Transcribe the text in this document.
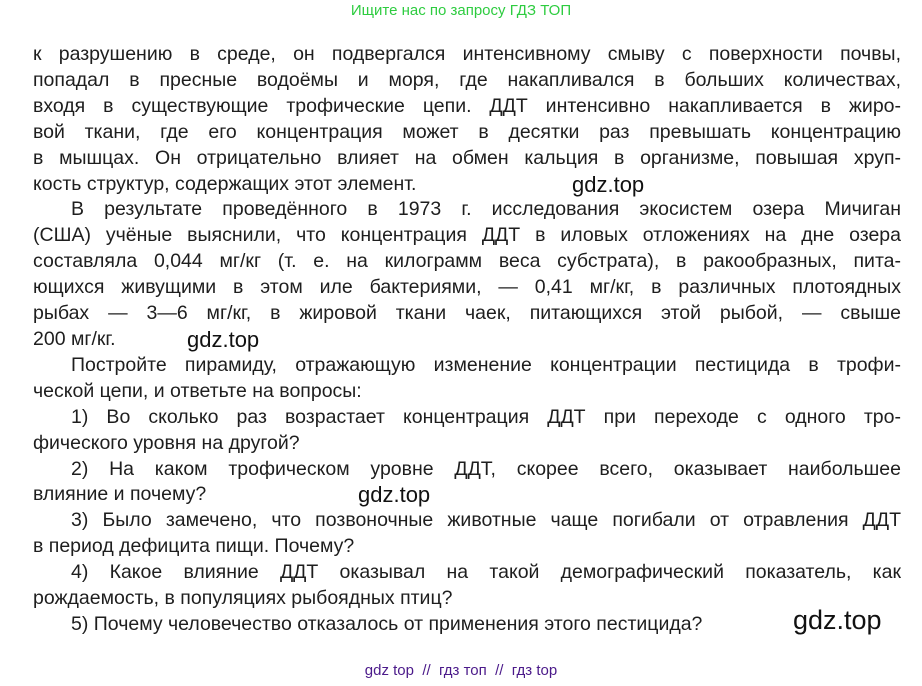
Ищите нас по запросу ГДЗ ТОП
к разрушению в среде, он подвергался интенсивному смыву с поверхности почвы,
попадал в пресные водоёмы и моря, где накапливался в больших количествах,
входя в существующие трофические цепи. ДДТ интенсивно накапливается в жиро-
вой ткани, где его концентрация может в десятки раз превышать концентрацию
в мышцах. Он отрицательно влияет на обмен кальция в организме, повышая хруп-
кость структур, содержащих этот элемент.
В результате проведённого в 1973 г. исследования экосистем озера Мичиган
(США) учёные выяснили, что концентрация ДДТ в иловых отложениях на дне озера
составляла 0,044 мг/кг (т. е. на килограмм веса субстрата), в ракообразных, пита-
ющихся живущими в этом иле бактериями, — 0,41 мг/кг, в различных плотоядных
рыбах — 3—6 мг/кг, в жировой ткани чаек, питающихся этой рыбой, — свыше
200 мг/кг.
Постройте пирамиду, отражающую изменение концентрации пестицида в трофи-
ческой цепи, и ответьте на вопросы:
1) Во сколько раз возрастает концентрация ДДТ при переходе с одного тро-
фического уровня на другой?
2) На каком трофическом уровне ДДТ, скорее всего, оказывает наибольшее
влияние и почему?
3) Было замечено, что позвоночные животные чаще погибали от отравления ДДТ
в период дефицита пищи. Почему?
4) Какое влияние ДДТ оказывал на такой демографический показатель, как
рождаемость, в популяциях рыбоядных птиц?
5) Почему человечество отказалось от применения этого пестицида?
gdz.top
gdz.top
gdz.top
gdz.top
gdz top  //  гдз топ  //  гдз top
